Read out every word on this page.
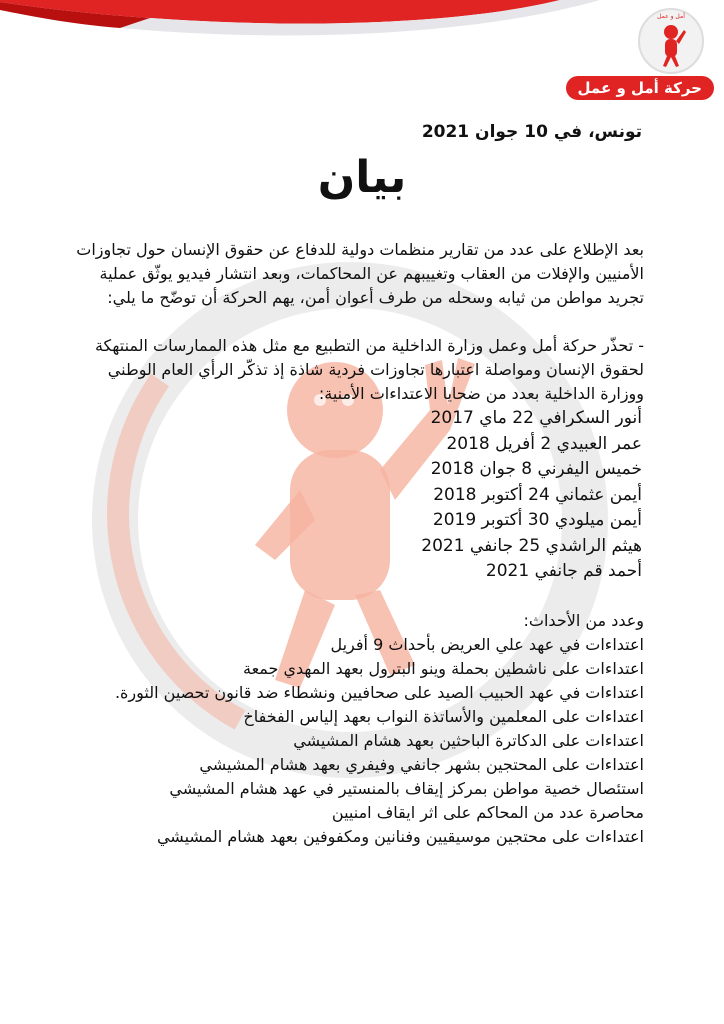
أمل و عمل
حركة أمل و عمل
تونس، في 10 جوان 2021
بيان

بعد الإطلاع على عدد من تقارير منظمات دولية للدفاع عن حقوق الإنسان حول تجاوزات الأمنيين والإفلات من العقاب وتغييبهم عن المحاكمات، وبعد انتشار فيديو يوثّق عملية تجريد مواطن من ثيابه وسحله من طرف أعوان أمن، يهم الحركة أن توضّح ما يلي:

- تحذّر حركة أمل وعمل وزارة الداخلية من التطبيع مع مثل هذه الممارسات المنتهكة لحقوق الإنسان ومواصلة اعتبارها تجاوزات فردية شاذة إذ تذكّر الرأي العام الوطني ووزارة الداخلية بعدد من ضحايا الاعتداءات الأمنية:

أنور السكرافي 22 ماي 2017
عمر العبيدي 2 أفريل 2018
خميس اليفرني 8 جوان 2018
أيمن عثماني 24 أكتوبر 2018
أيمن ميلودي 30 أكتوبر 2019
هيثم الراشدي 25 جانفي 2021
أحمد قم جانفي 2021

وعدد من الأحداث:

اعتداءات في عهد علي العريض بأحداث 9 أفريل
اعتداءات على ناشطين بحملة وينو البترول بعهد المهدي جمعة
اعتداءات في عهد الحبيب الصيد على صحافيين ونشطاء ضد قانون تحصين الثورة.
اعتداءات على المعلمين والأساتذة النواب بعهد إلياس الفخفاخ
اعتداءات على الدكاترة الباحثين بعهد هشام المشيشي
اعتداءات على المحتجين بشهر جانفي وفيفري بعهد هشام المشيشي
استئصال خصية مواطن بمركز إيقاف بالمنستير في عهد هشام المشيشي
محاصرة عدد من المحاكم على اثر ايقاف امنيين
اعتداءات على محتجين موسيقيين وفنانين ومكفوفين بعهد هشام المشيشي
